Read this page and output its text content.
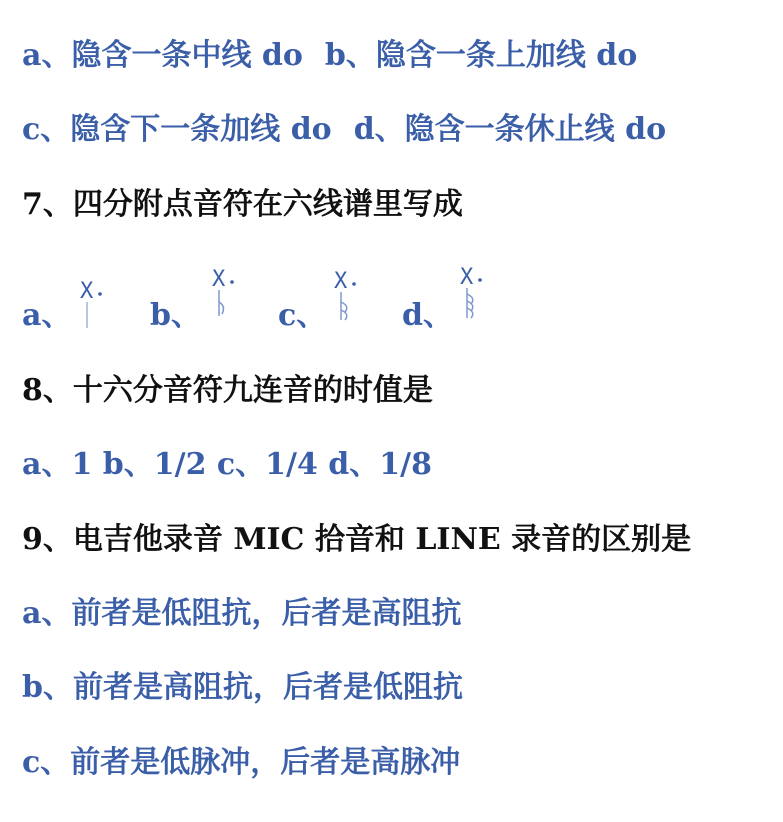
a、隐含一条中线 do b、隐含一条上加线 do
c、隐含下一条加线 do d、隐含一条休止线 do
7、四分附点音符在六线谱里写成
a、
X
b、
X
c、
X
d、
X
8、十六分音符九连音的时值是
a、1 b、1/2 c、1/4 d、1/8
9、电吉他录音 MIC 拾音和 LINE 录音的区别是
a、前者是低阻抗，后者是高阻抗
b、前者是高阻抗，后者是低阻抗
c、前者是低脉冲，后者是高脉冲
